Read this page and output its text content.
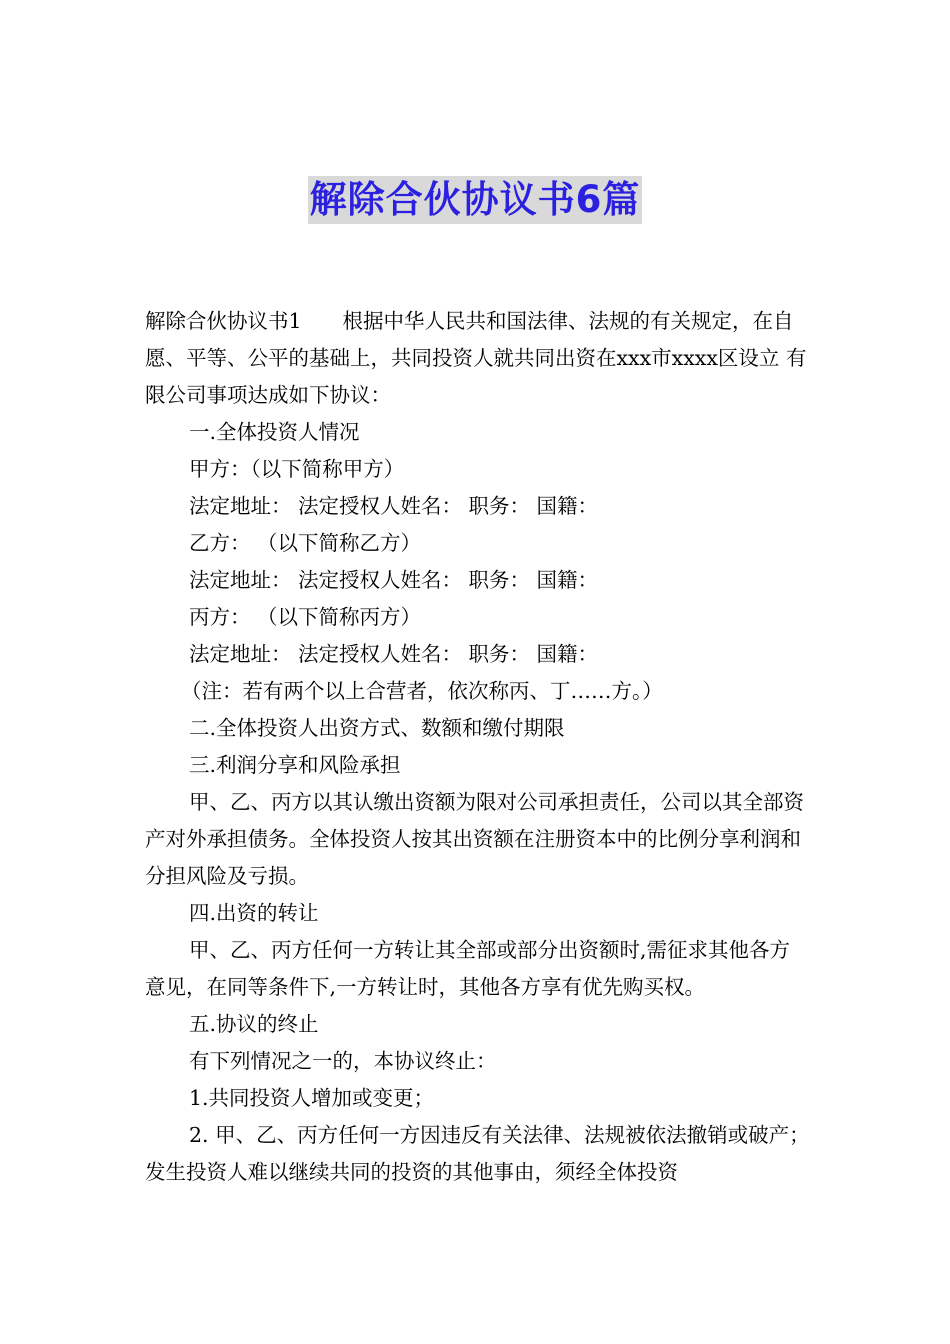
解除合伙协议书6篇

解除合伙协议书1　　根据中华人民共和国法律、法规的有关规定，在自愿、平等、公平的基础上，共同投资人就共同出资在xxx市xxxx区设立 有限公司事项达成如下协议：

一.全体投资人情况

甲方：（以下简称甲方）

法定地址： 法定授权人姓名： 职务： 国籍：

乙方： （以下简称乙方）

法定地址： 法定授权人姓名： 职务： 国籍：

丙方： （以下简称丙方）

法定地址： 法定授权人姓名： 职务： 国籍：

（注：若有两个以上合营者，依次称丙、丁……方。）

二.全体投资人出资方式、数额和缴付期限

三.利润分享和风险承担

甲、乙、丙方以其认缴出资额为限对公司承担责任，公司以其全部资产对外承担债务。全体投资人按其出资额在注册资本中的比例分享利润和分担风险及亏损。

四.出资的转让

甲、乙、丙方任何一方转让其全部或部分出资额时,需征求其他各方意见，在同等条件下,一方转让时，其他各方享有优先购买权。

五.协议的终止

有下列情况之一的，本协议终止：

1.共同投资人增加或变更；

2. 甲、乙、丙方任何一方因违反有关法律、法规被依法撤销或破产； 发生投资人难以继续共同的投资的其他事由，须经全体投资
